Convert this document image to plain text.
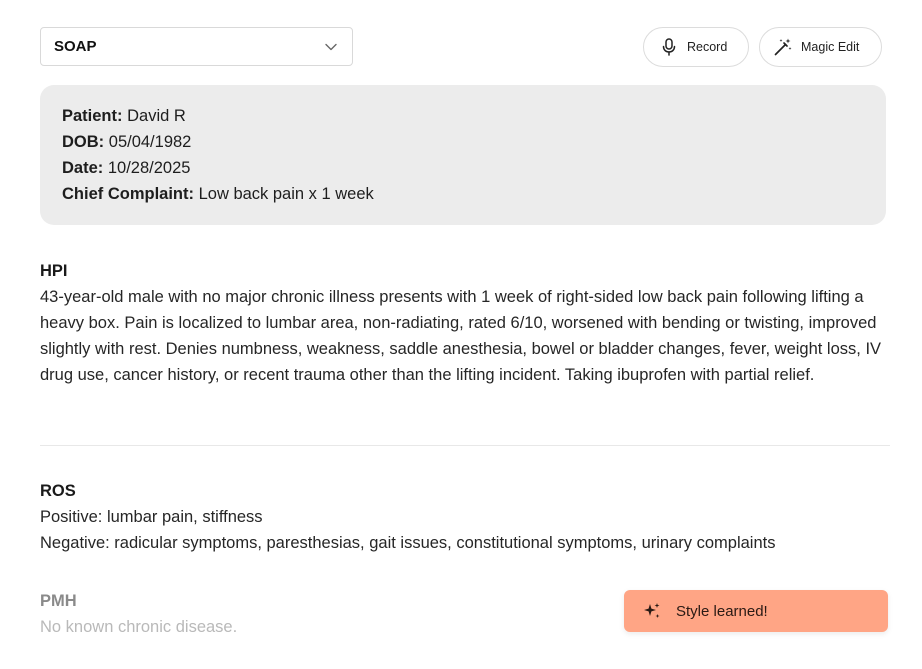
SOAP	Record	Magic Edit
Patient: David R
DOB: 05/04/1982
Date: 10/28/2025
Chief Complaint: Low back pain x 1 week
HPI
43-year-old male with no major chronic illness presents with 1 week of right-sided low back pain following lifting a heavy box. Pain is localized to lumbar area, non-radiating, rated 6/10, worsened with bending or twisting, improved slightly with rest. Denies numbness, weakness, saddle anesthesia, bowel or bladder changes, fever, weight loss, IV drug use, cancer history, or recent trauma other than the lifting incident. Taking ibuprofen with partial relief.
ROS
Positive: lumbar pain, stiffness
Negative: radicular symptoms, paresthesias, gait issues, constitutional symptoms, urinary complaints
PMH
No known chronic disease.
Style learned!
